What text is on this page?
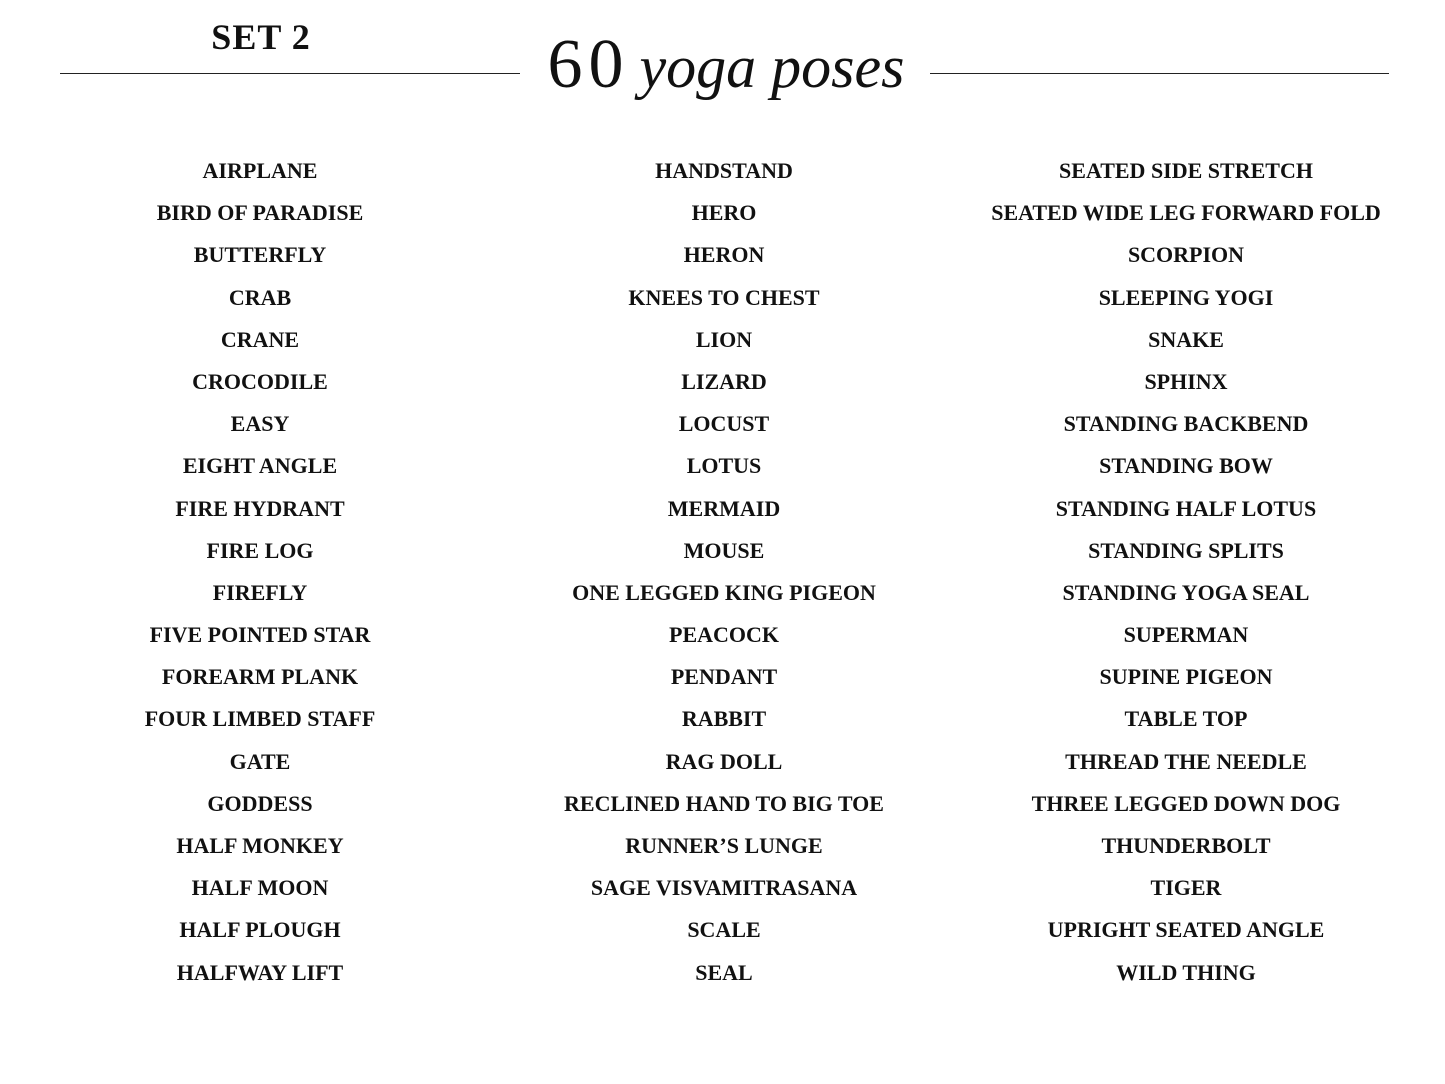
SET 2	60 yoga poses
AIRPLANE
BIRD OF PARADISE
BUTTERFLY
CRAB
CRANE
CROCODILE
EASY
EIGHT ANGLE
FIRE HYDRANT
FIRE LOG
FIREFLY
FIVE POINTED STAR
FOREARM PLANK
FOUR LIMBED STAFF
GATE
GODDESS
HALF MONKEY
HALF MOON
HALF PLOUGH
HALFWAY LIFT
HANDSTAND
HERO
HERON
KNEES TO CHEST
LION
LIZARD
LOCUST
LOTUS
MERMAID
MOUSE
ONE LEGGED KING PIGEON
PEACOCK
PENDANT
RABBIT
RAG DOLL
RECLINED HAND TO BIG TOE
RUNNER’S LUNGE
SAGE VISVAMITRASANA
SCALE
SEAL
SEATED SIDE STRETCH
SEATED WIDE LEG FORWARD FOLD
SCORPION
SLEEPING YOGI
SNAKE
SPHINX
STANDING BACKBEND
STANDING BOW
STANDING HALF LOTUS
STANDING SPLITS
STANDING YOGA SEAL
SUPERMAN
SUPINE PIGEON
TABLE TOP
THREAD THE NEEDLE
THREE LEGGED DOWN DOG
THUNDERBOLT
TIGER
UPRIGHT SEATED ANGLE
WILD THING
